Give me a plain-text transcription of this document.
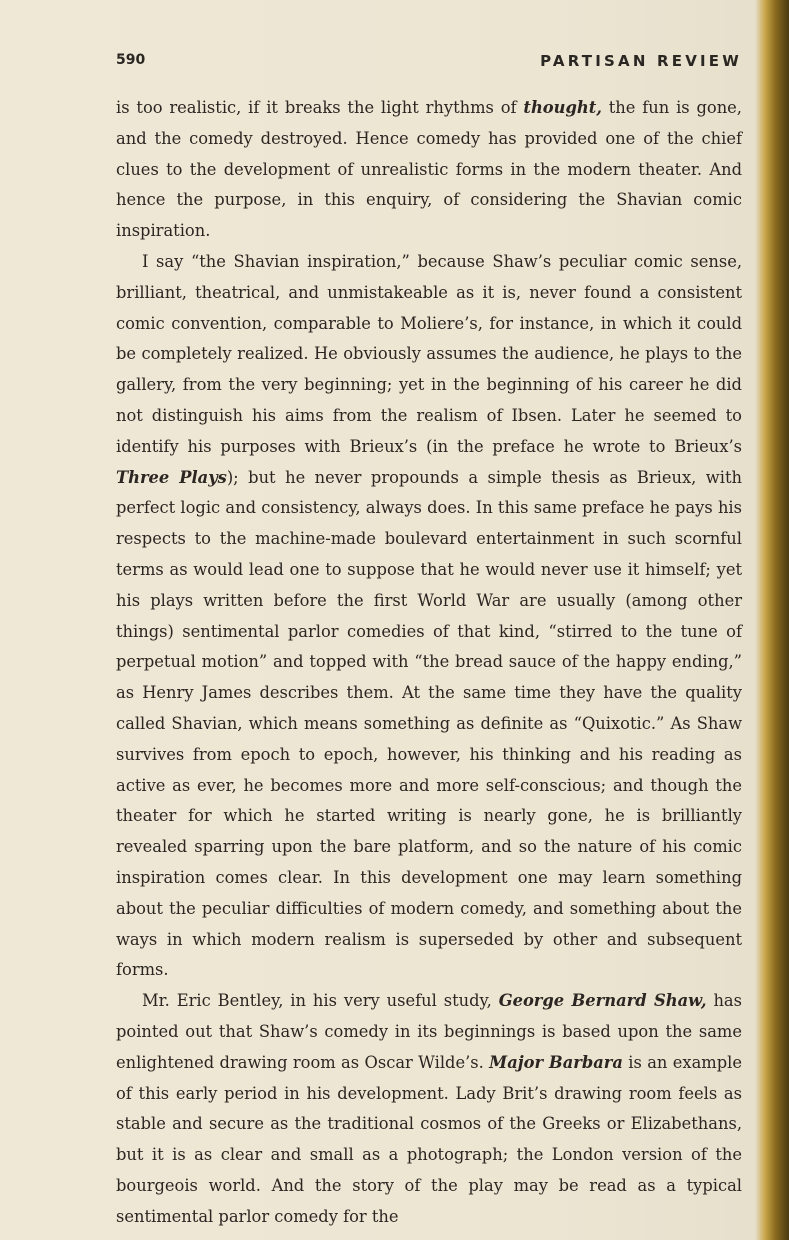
590	PARTISAN REVIEW

is too realistic, if it breaks the light rhythms of thought, the fun is gone, and the comedy destroyed. Hence comedy has provided one of the chief clues to the development of unrealistic forms in the modern theater. And hence the purpose, in this enquiry, of considering the Shavian comic inspiration.

I say “the Shavian inspiration,” because Shaw’s peculiar comic sense, brilliant, theatrical, and unmistakeable as it is, never found a consistent comic convention, comparable to Moliere’s, for instance, in which it could be completely realized. He obviously assumes the audience, he plays to the gallery, from the very beginning; yet in the beginning of his career he did not distinguish his aims from the realism of Ibsen. Later he seemed to identify his purposes with Brieux’s (in the preface he wrote to Brieux’s Three Plays); but he never propounds a simple thesis as Brieux, with perfect logic and consistency, always does. In this same preface he pays his respects to the machine-made boulevard entertainment in such scornful terms as would lead one to suppose that he would never use it himself; yet his plays written before the first World War are usually (among other things) sentimental parlor comedies of that kind, “stirred to the tune of perpetual motion” and topped with “the bread sauce of the happy ending,” as Henry James describes them. At the same time they have the quality called Shavian, which means something as definite as “Quixotic.” As Shaw survives from epoch to epoch, however, his thinking and his reading as active as ever, he becomes more and more self-conscious; and though the theater for which he started writing is nearly gone, he is brilliantly revealed sparring upon the bare platform, and so the nature of his comic inspiration comes clear. In this development one may learn something about the peculiar difficulties of modern comedy, and something about the ways in which modern realism is superseded by other and subsequent forms.

Mr. Eric Bentley, in his very useful study, George Bernard Shaw, has pointed out that Shaw’s comedy in its beginnings is based upon the same enlightened drawing room as Oscar Wilde’s. Major Barbara is an example of this early period in his development. Lady Brit’s drawing room feels as stable and secure as the traditional cosmos of the Greeks or Elizabethans, but it is as clear and small as a photograph; the London version of the bourgeois world. And the story of the play may be read as a typical sentimental parlor comedy for the
